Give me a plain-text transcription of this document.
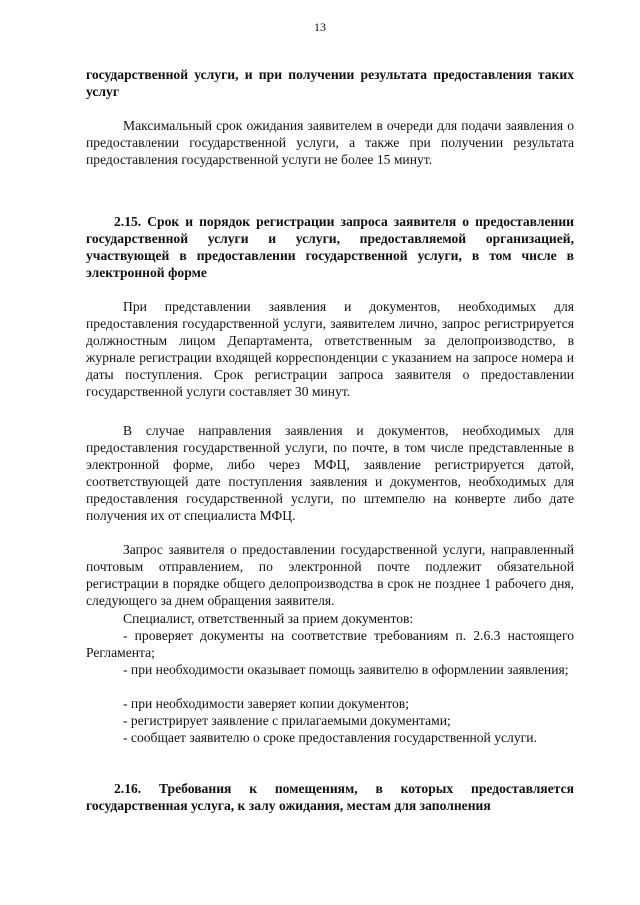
13
государственной услуги, и при получении результата предоставления таких услуг
Максимальный срок ожидания заявителем в очереди для подачи заявления о предоставлении государственной услуги, а также при получении результата предоставления государственной услуги не более 15 минут.
2.15. Срок и порядок регистрации запроса заявителя о предоставлении государственной услуги и услуги, предоставляемой организацией, участвующей в предоставлении государственной услуги, в том числе в электронной форме
При представлении заявления и документов, необходимых для предоставления государственной услуги, заявителем лично, запрос регистрируется должностным лицом Департамента, ответственным за делопроизводство, в журнале регистрации входящей корреспонденции с указанием на запросе номера и даты поступления. Срок регистрации запроса заявителя о предоставлении государственной услуги составляет 30 минут.
В случае направления заявления и документов, необходимых для предоставления государственной услуги, по почте, в том числе представленные в электронной форме, либо через МФЦ, заявление регистрируется датой, соответствующей дате поступления заявления и документов, необходимых для предоставления государственной услуги, по штемпелю на конверте либо дате получения их от специалиста МФЦ.
Запрос заявителя о предоставлении государственной услуги, направленный почтовым отправлением, по электронной почте подлежит обязательной регистрации в порядке общего делопроизводства в срок не позднее 1 рабочего дня, следующего за днем обращения заявителя.
Специалист, ответственный за прием документов:
- проверяет документы на соответствие требованиям п. 2.6.3 настоящего Регламента;
- при необходимости оказывает помощь заявителю в оформлении заявления;
- при необходимости заверяет копии документов;
- регистрирует заявление с прилагаемыми документами;
- сообщает заявителю о сроке предоставления государственной услуги.
2.16. Требования к помещениям, в которых предоставляется государственная услуга, к залу ожидания, местам для заполнения
